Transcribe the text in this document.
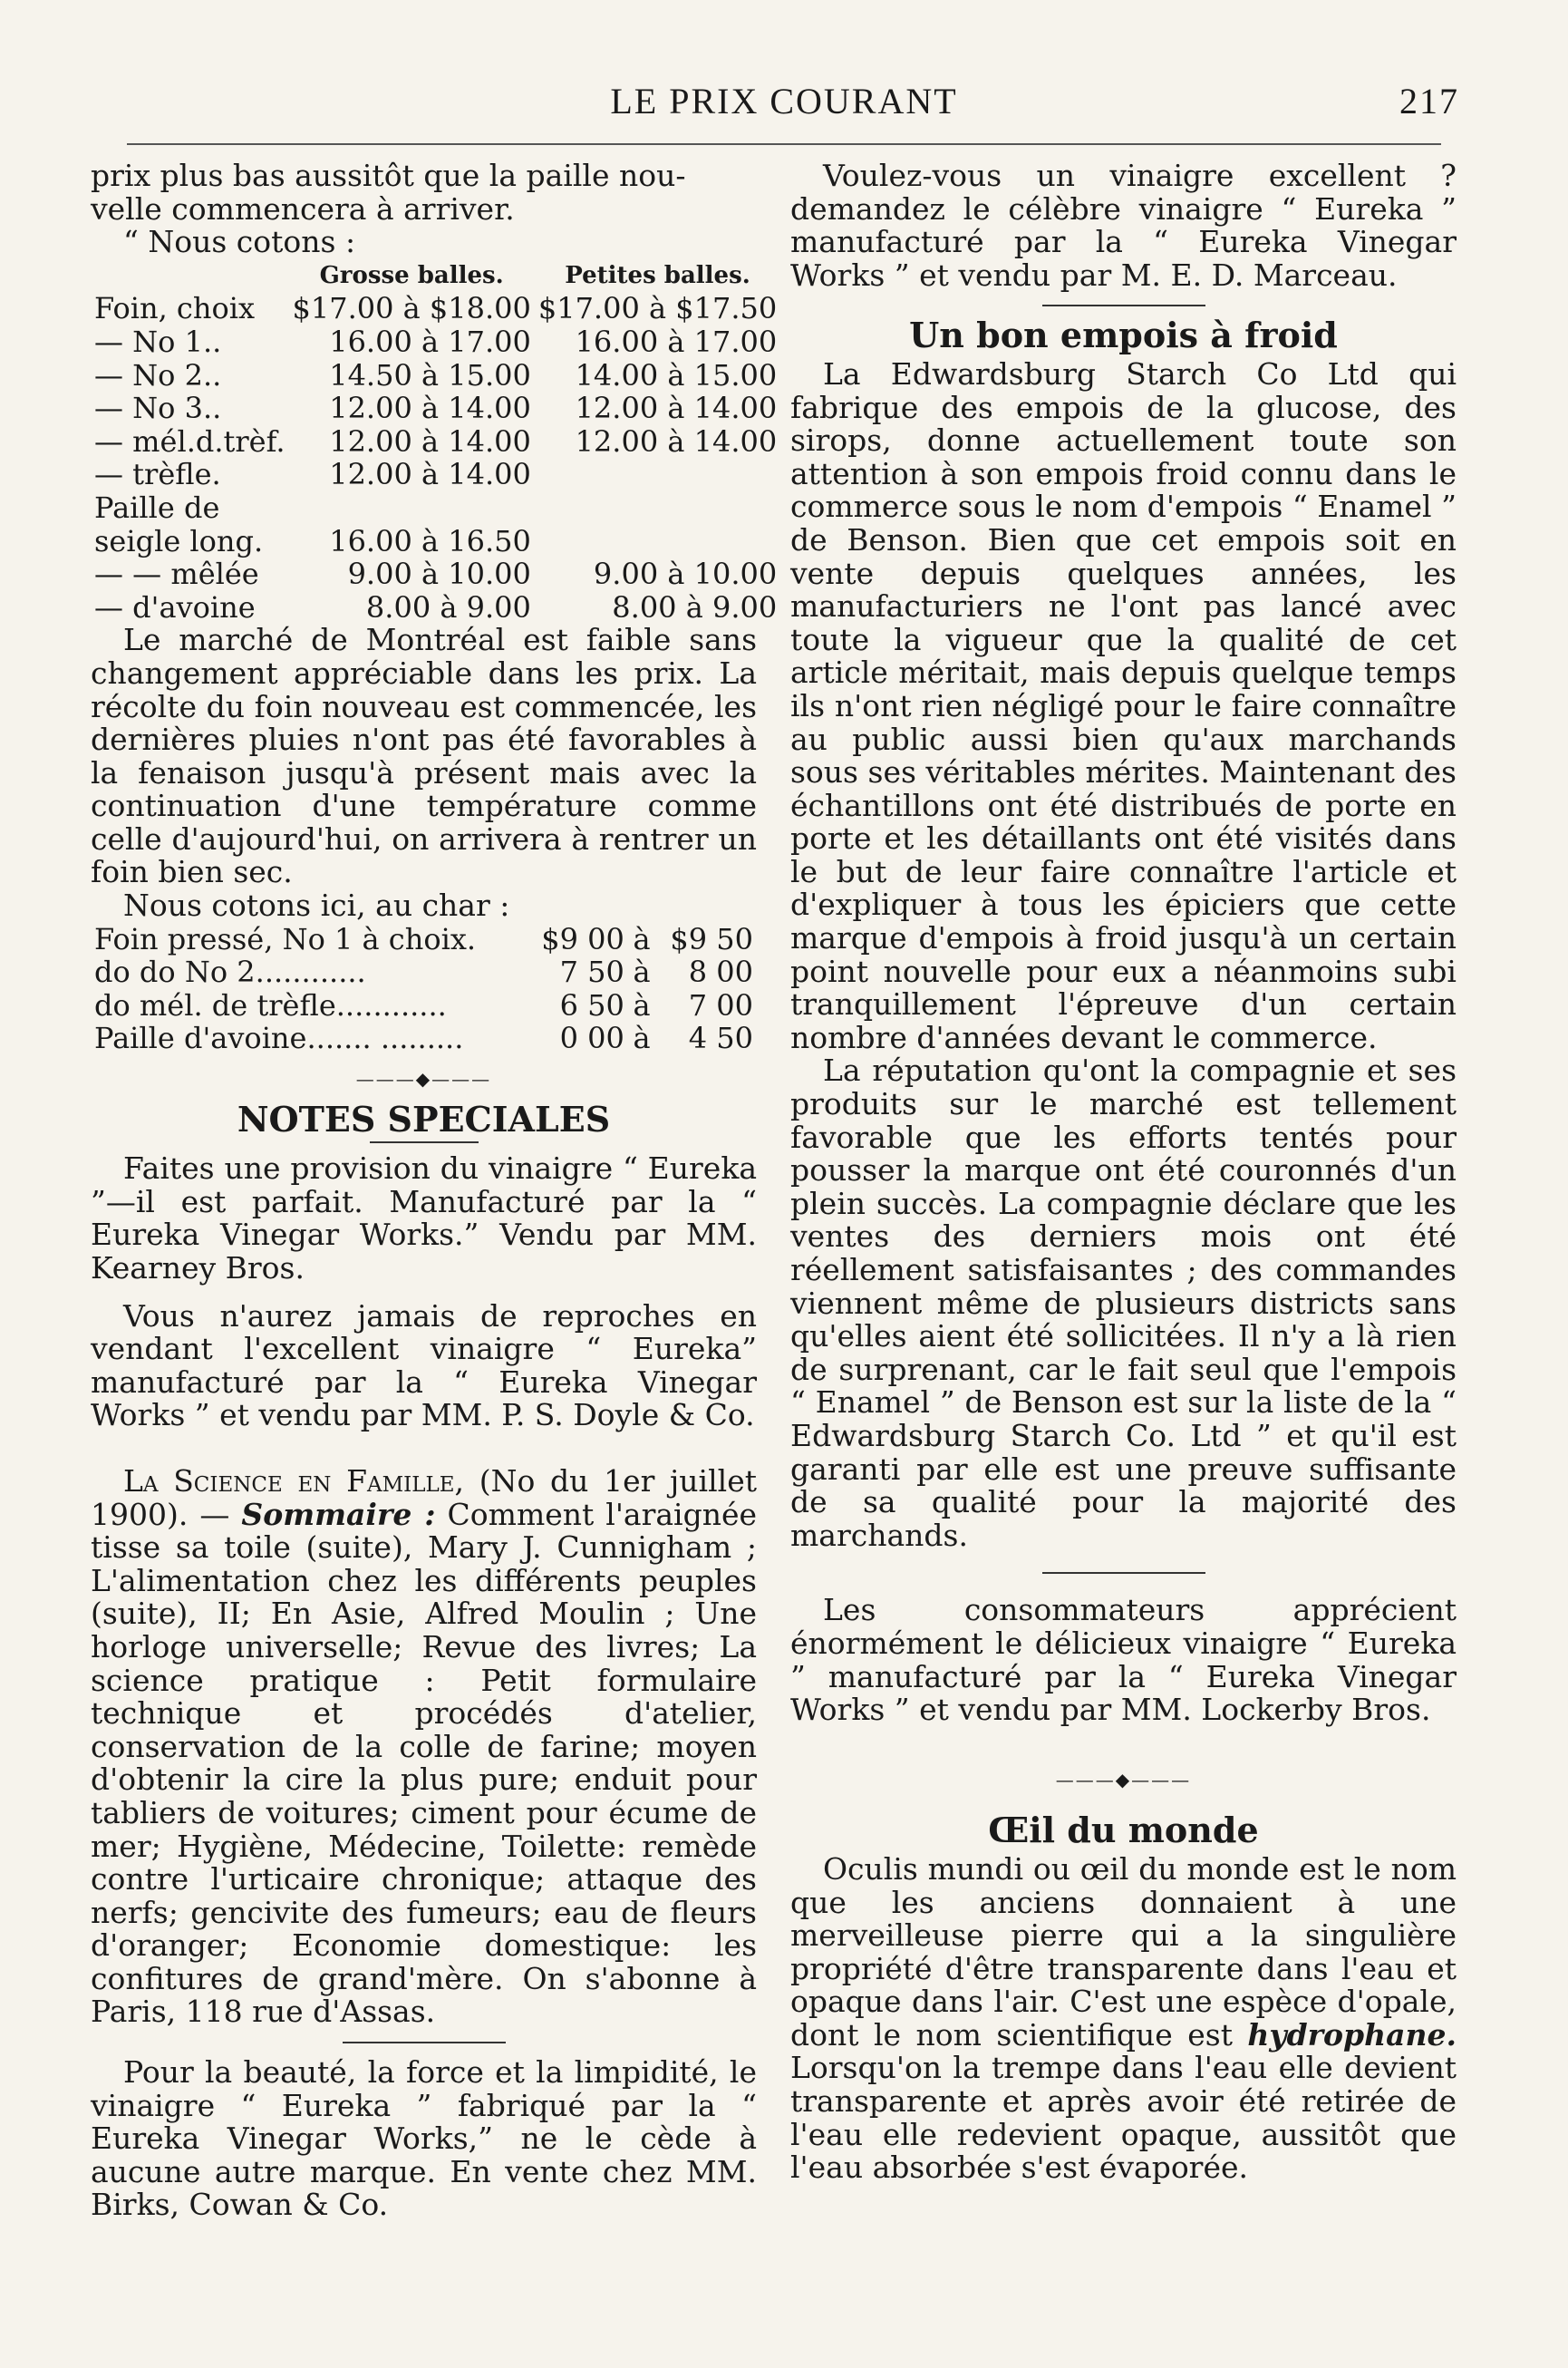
LE PRIX COURANT	217

prix plus bas aussitôt que la paille nou-

velle commencera à arriver.

“ Nous cotons :

	Grosse balles.	Petites balles.
Foin, choix	$17.00 à $18.00	$17.00 à $17.50
— No 1..	16.00 à 17.00	16.00 à 17.00
— No 2..	14.50 à 15.00	14.00 à 15.00
— No 3..	12.00 à 14.00	12.00 à 14.00
— mél.d.trèf.	12.00 à 14.00	12.00 à 14.00
— trèfle.	12.00 à 14.00	
Paille de		
seigle long.	16.00 à 16.50	
— — mêlée	9.00 à 10.00	9.00 à 10.00
— d'avoine	8.00 à 9.00	8.00 à 9.00

Le marché de Montréal est faible sans changement appréciable dans les prix. La récolte du foin nouveau est commencée, les dernières pluies n'ont pas été favorables à la fenaison jusqu'à présent mais avec la continuation d'une température comme celle d'aujourd'hui, on arrivera à rentrer un foin bien sec.

Nous cotons ici, au char :

Foin pressé, No 1 à choix.	$9 00	à	$9 50
do do No 2............	7 50	à	8 00
do mél. de trèfle............	6 50	à	7 00
Paille d'avoine....... .........	0 00	à	4 50
———◆———
NOTES SPECIALES

Faites une provision du vinaigre “ Eureka ”—il est parfait. Manufacturé par la “ Eureka Vinegar Works.” Vendu par MM. Kearney Bros.

Vous n'aurez jamais de reproches en vendant l'excellent vinaigre “ Eureka” manufacturé par la “ Eureka Vinegar Works ” et vendu par MM. P. S. Doyle & Co.

La Science en Famille, (No du 1er juillet 1900). — Sommaire : Comment l'araignée tisse sa toile (suite), Mary J. Cunnigham ; L'alimentation chez les différents peuples (suite), II; En Asie, Alfred Moulin ; Une horloge universelle; Revue des livres; La science pratique : Petit formulaire technique et procédés d'atelier, conservation de la colle de farine; moyen d'obtenir la cire la plus pure; enduit pour tabliers de voitures; ciment pour écume de mer; Hygiène, Médecine, Toilette: remède contre l'urticaire chronique; attaque des nerfs; gencivite des fumeurs; eau de fleurs d'oranger; Economie domestique: les confitures de grand'mère. On s'abonne à Paris, 118 rue d'Assas.

Pour la beauté, la force et la limpidité, le vinaigre “ Eureka ” fabriqué par la “ Eureka Vinegar Works,” ne le cède à aucune autre marque. En vente chez MM. Birks, Cowan & Co.

Voulez-vous un vinaigre excellent ? demandez le célèbre vinaigre “ Eureka ” manufacturé par la “ Eureka Vinegar Works ” et vendu par M. E. D. Marceau.

Un bon empois à froid

La Edwardsburg Starch Co Ltd qui fabrique des empois de la glucose, des sirops, donne actuellement toute son attention à son empois froid connu dans le commerce sous le nom d'empois “ Enamel ” de Benson. Bien que cet empois soit en vente depuis quelques années, les manufacturiers ne l'ont pas lancé avec toute la vigueur que la qualité de cet article méritait, mais depuis quelque temps ils n'ont rien négligé pour le faire connaître au public aussi bien qu'aux marchands sous ses véritables mérites. Maintenant des échantillons ont été distribués de porte en porte et les détaillants ont été visités dans le but de leur faire connaître l'article et d'expliquer à tous les épiciers que cette marque d'empois à froid jusqu'à un certain point nouvelle pour eux a néanmoins subi tranquillement l'épreuve d'un certain nombre d'années devant le commerce.

La réputation qu'ont la compagnie et ses produits sur le marché est tellement favorable que les efforts tentés pour pousser la marque ont été couronnés d'un plein succès. La compagnie déclare que les ventes des derniers mois ont été réellement satisfaisantes ; des commandes viennent même de plusieurs districts sans qu'elles aient été sollicitées. Il n'y a là rien de surprenant, car le fait seul que l'empois “ Enamel ” de Benson est sur la liste de la “ Edwardsburg Starch Co. Ltd ” et qu'il est garanti par elle est une preuve suffisante de sa qualité pour la majorité des marchands.

Les consommateurs apprécient énormément le délicieux vinaigre “ Eureka ” manufacturé par la “ Eureka Vinegar Works ” et vendu par MM. Lockerby Bros.

———◆———
Œil du monde

Oculis mundi ou œil du monde est le nom que les anciens donnaient à une merveilleuse pierre qui a la singulière propriété d'être transparente dans l'eau et opaque dans l'air. C'est une espèce d'opale, dont le nom scientifique est hydrophane. Lorsqu'on la trempe dans l'eau elle devient transparente et après avoir été retirée de l'eau elle redevient opaque, aussitôt que l'eau absorbée s'est évaporée.
